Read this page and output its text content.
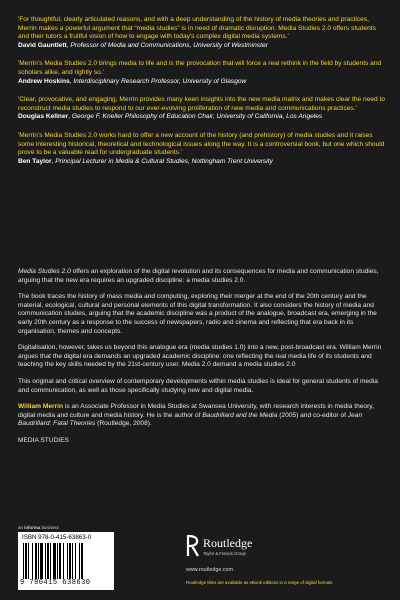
'For thoughtful, clearly articulated reasons, and with a deep understanding of the history of media theories and practices, Merrin makes a powerful argument that “media studies” is in need of dramatic disruption. Media Studies 2.0 offers students and their tutors a fruitful vision of how to engage with today's complex digital media systems.'

David Gauntlett, Professor of Media and Communications, University of Westminster

'Merrin's Media Studies 2.0 brings media to life and is the provocation that will force a real rethink in the field by students and scholars alike, and rightly so.'

Andrew Hoskins, Interdisciplinary Research Professor, University of Glasgow

'Clear, provocative, and engaging, Merrin provides many keen insights into the new media matrix and makes clear the need to reconstruct media studies to respond to our ever-evolving proliferation of new media and communications practices.'

Douglas Kellner, George F. Kneller Philosophy of Education Chair, University of California, Los Angeles

'Merrin's Media Studies 2.0 works hard to offer a new account of the history (and prehistory) of media studies and it raises some interesting historical, theoretical and technological issues along the way. It is a controversial book, but one which should prove to be a valuable read for undergraduate students.'

Ben Taylor, Principal Lecturer in Media & Cultural Studies, Nottingham Trent University

Media Studies 2.0 offers an exploration of the digital revolution and its consequences for media and communication studies, arguing that the new era requires an upgraded discipline: a media studies 2.0.

The book traces the history of mass media and computing, exploring their merger at the end of the 20th century and the material, ecological, cultural and personal elements of this digital transformation. It also considers the history of media and communication studies, arguing that the academic discipline was a product of the analogue, broadcast era, emerging in the early 20th century as a response to the success of newspapers, radio and cinema and reflecting that era back in its organisation, themes and concepts.

Digitalisation, however, takes us beyond this analogue era (media studies 1.0) into a new, post-broadcast era. William Merrin argues that the digital era demands an upgraded academic discipline: one reflecting the real media life of its students and teaching the key skills needed by the 21st-century user. Media 2.0 demand a media studies 2.0

This original and critical overview of contemporary developments within media studies is ideal for general students of media and communication, as well as those specifically studying new and digital media.

William Merrin is an Associate Professor in Media Studies at Swansea University, with research interests in media theory, digital media and culture and media history. He is the author of Baudrillard and the Media (2005) and co-editor of Jean Baudrillard: Fatal Theories (Routledge, 2008).

MEDIA STUDIES
an informa business
ISBN 978-0-415-63863-0
9 780415 638630
Routledge
Taylor & Francis Group
www.routledge.com
Routledge titles are available as eBook editions in a range of digital formats
